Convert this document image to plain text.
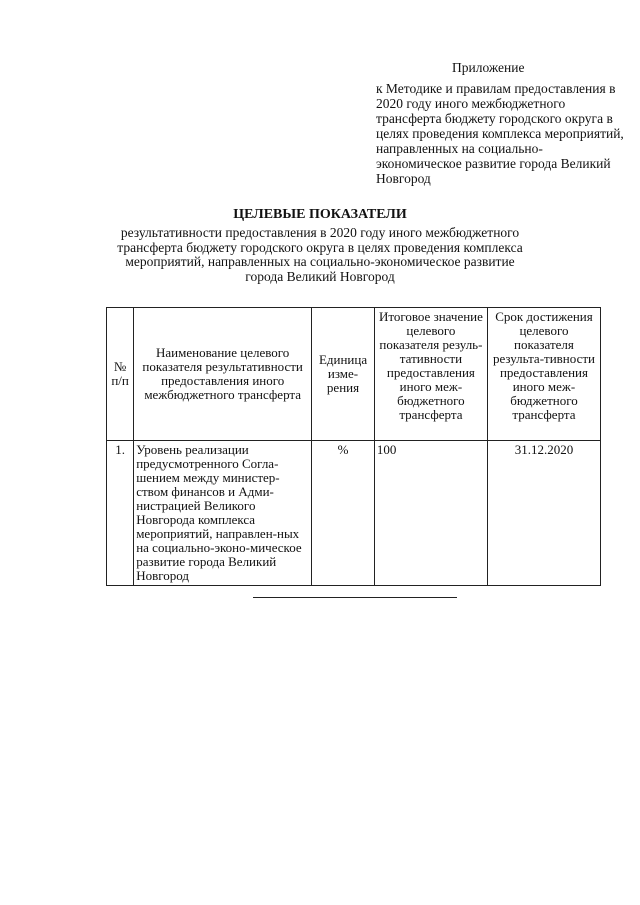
Приложение
к Методике и правилам предоставления в 2020 году иного межбюджетного трансферта бюджету городского округа в целях проведения комплекса мероприятий, направленных на социально-экономическое развитие города Великий Новгород
ЦЕЛЕВЫЕ ПОКАЗАТЕЛИ
результативности предоставления в 2020 году иного межбюджетного трансферта бюджету городского округа в целях проведения комплекса мероприятий, направленных на социально-экономическое развитие города Великий Новгород
№ п/п	Наименование целевого показателя результативности предоставления иного межбюджетного трансферта	Единица изме-рения	Итоговое значение целевого показателя резуль-тативности предоставления иного меж-бюджетного трансферта	Срок достижения целевого показателя результа-тивности предоставления иного меж-бюджетного трансферта
1.	Уровень реализации предусмотренного Согла-шением между министер-ством финансов и Адми-нистрацией Великого Новгорода комплекса мероприятий, направлен-ных на социально-эконо-мическое развитие города Великий Новгород	%	100	31.12.2020
